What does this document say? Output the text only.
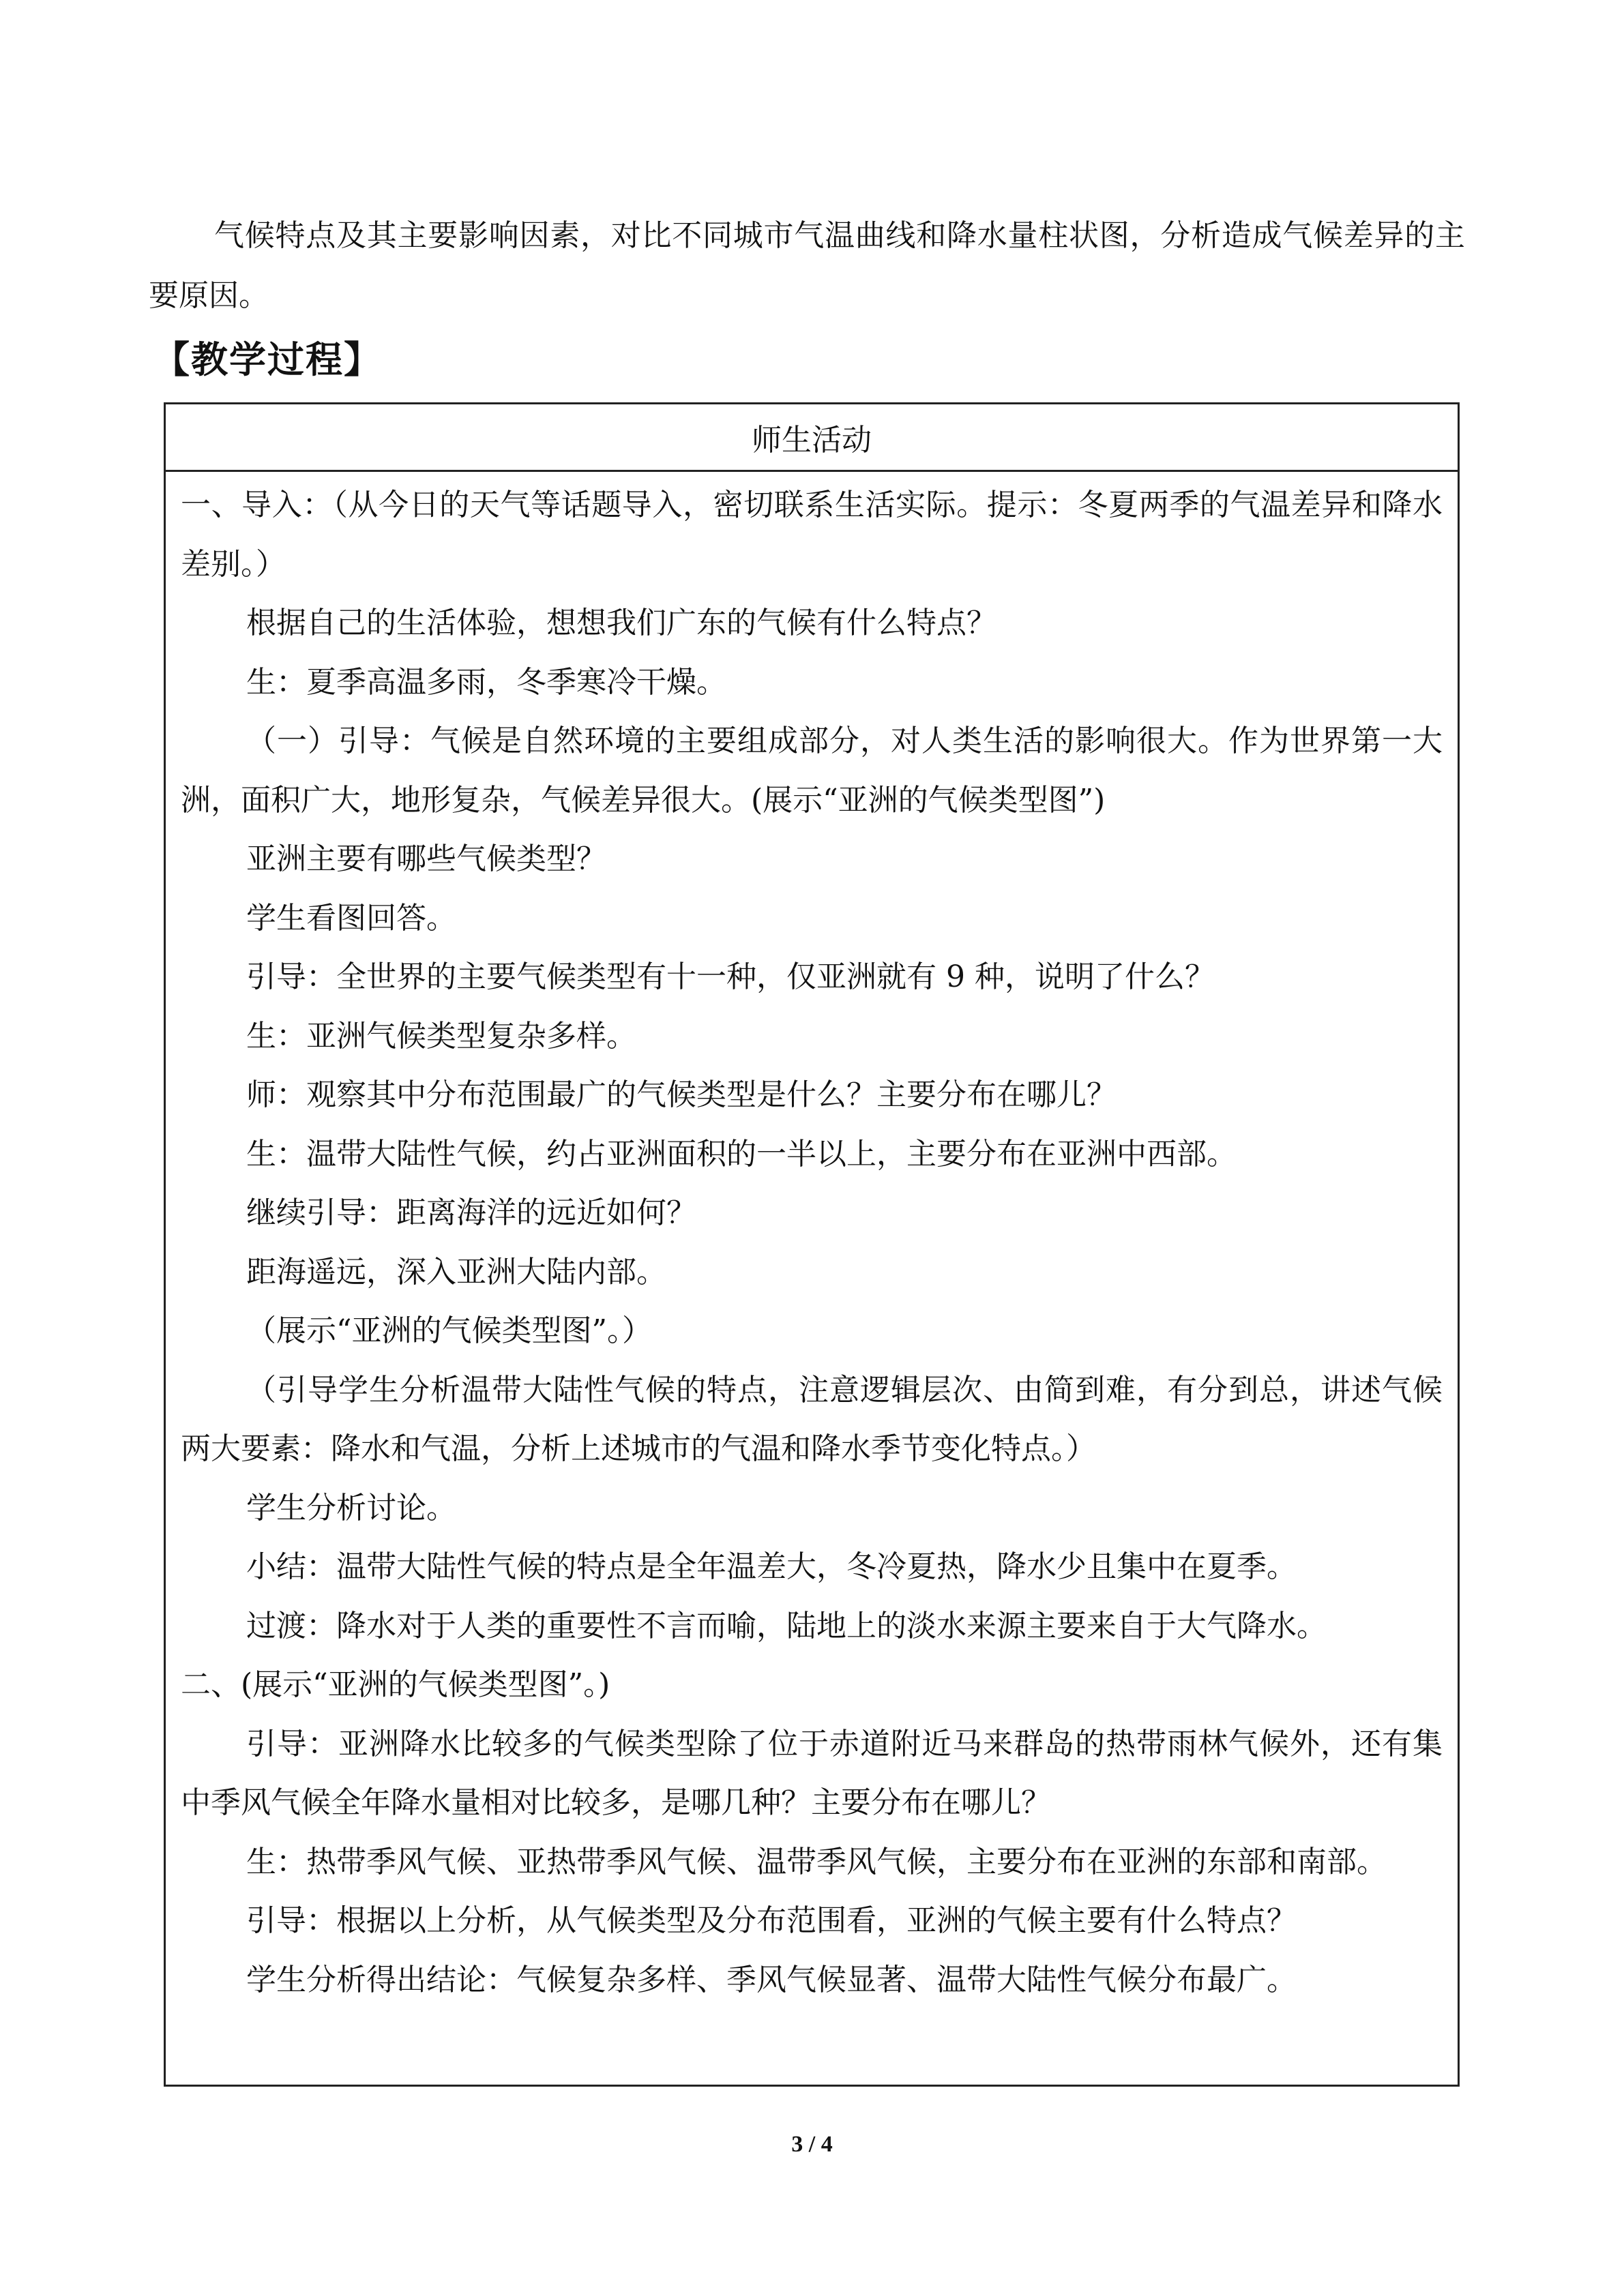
气候特点及其主要影响因素，对比不同城市气温曲线和降水量柱状图，分析造成气候差异的主要原因。

【教学过程】
师生活动

一、导入：（从今日的天气等话题导入，密切联系生活实际。提示：冬夏两季的气温差异和降水差别。）

根据自己的生活体验，想想我们广东的气候有什么特点？

生：夏季高温多雨，冬季寒冷干燥。

（一）引导：气候是自然环境的主要组成部分，对人类生活的影响很大。作为世界第一大洲，面积广大，地形复杂，气候差异很大。(展示“亚洲的气候类型图”)

亚洲主要有哪些气候类型？

学生看图回答。

引导：全世界的主要气候类型有十一种，仅亚洲就有 9 种，说明了什么？

生：亚洲气候类型复杂多样。

师：观察其中分布范围最广的气候类型是什么？主要分布在哪儿？

生：温带大陆性气候，约占亚洲面积的一半以上，主要分布在亚洲中西部。

继续引导：距离海洋的远近如何？

距海遥远，深入亚洲大陆内部。

（展示“亚洲的气候类型图”。）

（引导学生分析温带大陆性气候的特点，注意逻辑层次、由简到难，有分到总，讲述气候两大要素：降水和气温，分析上述城市的气温和降水季节变化特点。）

学生分析讨论。

小结：温带大陆性气候的特点是全年温差大，冬冷夏热，降水少且集中在夏季。

过渡：降水对于人类的重要性不言而喻，陆地上的淡水来源主要来自于大气降水。

二、(展示“亚洲的气候类型图”。)

引导：亚洲降水比较多的气候类型除了位于赤道附近马来群岛的热带雨林气候外，还有集中季风气候全年降水量相对比较多，是哪几种？主要分布在哪儿？

生：热带季风气候、亚热带季风气候、温带季风气候，主要分布在亚洲的东部和南部。

引导：根据以上分析，从气候类型及分布范围看，亚洲的气候主要有什么特点？

学生分析得出结论：气候复杂多样、季风气候显著、温带大陆性气候分布最广。

3 / 4
